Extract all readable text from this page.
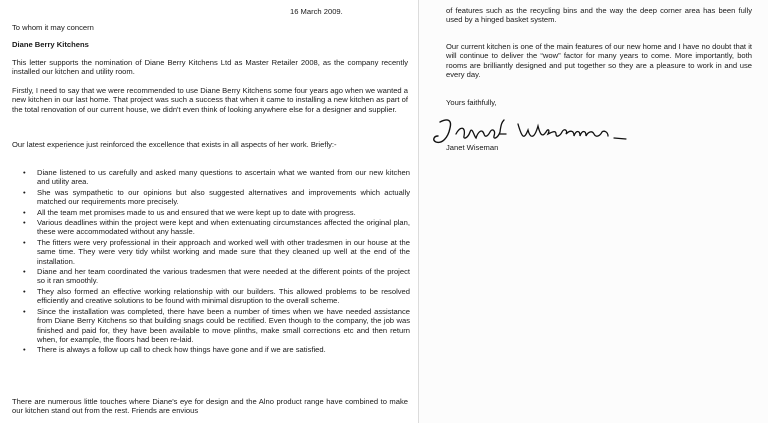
16 March 2009.

To whom it may concern

Diane Berry Kitchens

This letter supports the nomination of Diane Berry Kitchens Ltd as Master Retailer 2008, as the company recently installed our kitchen and utility room.

Firstly, I need to say that we were recommended to use Diane Berry Kitchens some four years ago when we wanted a new kitchen in our last home. That project was such a success that when it came to installing a new kitchen as part of the total renovation of our current house, we didn't even think of looking anywhere else for a designer and supplier.

Our latest experience just reinforced the excellence that exists in all aspects of her work. Briefly:-

• Diane listened to us carefully and asked many questions to ascertain what we wanted from our new kitchen and utility area.
• She was sympathetic to our opinions but also suggested alternatives and improvements which actually matched our requirements more precisely.
• All the team met promises made to us and ensured that we were kept up to date with progress.
• Various deadlines within the project were kept and when extenuating circumstances affected the original plan, these were accommodated without any hassle.
• The fitters were very professional in their approach and worked well with other tradesmen in our house at the same time. They were very tidy whilst working and made sure that they cleaned up well at the end of the installation.
• Diane and her team coordinated the various tradesmen that were needed at the different points of the project so it ran smoothly.
• They also formed an effective working relationship with our builders. This allowed problems to be resolved efficiently and creative solutions to be found with minimal disruption to the overall scheme.
• Since the installation was completed, there have been a number of times when we have needed assistance from Diane Berry Kitchens so that building snags could be rectified. Even though to the company, the job was finished and paid for, they have been available to move plinths, make small corrections etc and then return when, for example, the floors had been re-laid.
• There is always a follow up call to check how things have gone and if we are satisfied.

There are numerous little touches where Diane's eye for design and the Alno product range have combined to make our kitchen stand out from the rest. Friends are envious

of features such as the recycling bins and the way the deep corner area has been fully used by a hinged basket system.

Our current kitchen is one of the main features of our new home and I have no doubt that it will continue to deliver the “wow” factor for many years to come. More importantly, both rooms are brilliantly designed and put together so they are a pleasure to work in and use every day.

Yours faithfully,

Janet Wiseman
